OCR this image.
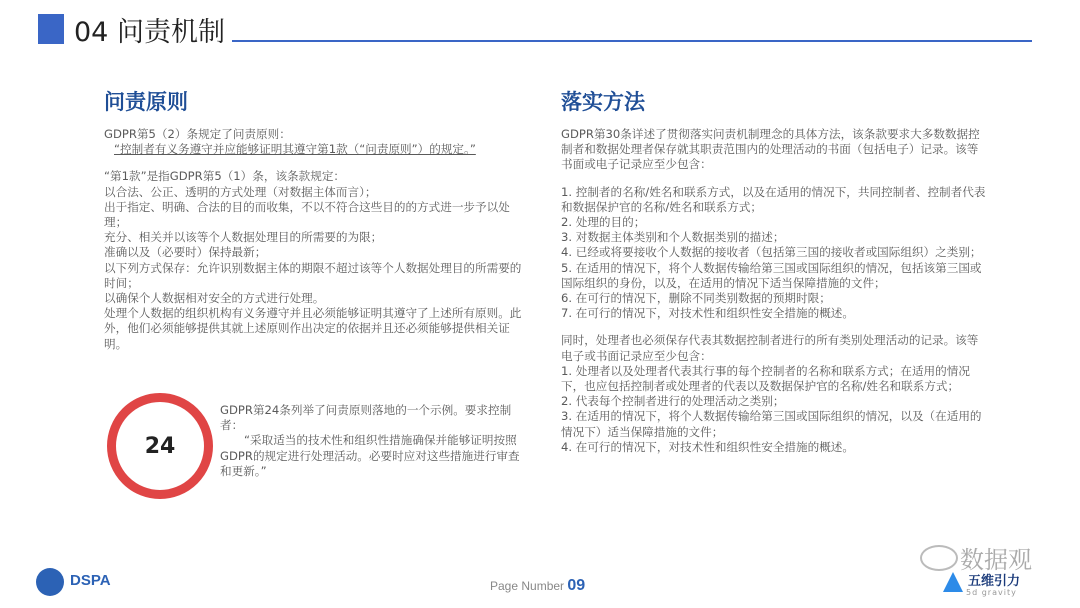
04 问责机制
问责原则

GDPR第5（2）条规定了问责原则：

“控制者有义务遵守并应能够证明其遵守第1款（“问责原则”）的规定。”

“第1款”是指GDPR第5（1）条，该条款规定：

以合法、公正、透明的方式处理（对数据主体而言）；

出于指定、明确、合法的目的而收集，不以不符合这些目的的方式进一步予以处理；

充分、相关并以该等个人数据处理目的所需要的为限；

准确以及（必要时）保持最新；

以下列方式保存：允许识别数据主体的期限不超过该等个人数据处理目的所需要的时间；

以确保个人数据相对安全的方式进行处理。

处理个人数据的组织机构有义务遵守并且必须能够证明其遵守了上述所有原则。此外，他们必须能够提供其就上述原则作出决定的依据并且还必须能够提供相关证明。

24

GDPR第24条列举了问责原则落地的一个示例。要求控制者：

“采取适当的技术性和组织性措施确保并能够证明按照GDPR的规定进行处理活动。必要时应对这些措施进行审查和更新。”

落实方法

GDPR第30条详述了贯彻落实问责机制理念的具体方法，该条款要求大多数数据控制者和数据处理者保存就其职责范围内的处理活动的书面（包括电子）记录。该等书面或电子记录应至少包含：

1. 控制者的名称/姓名和联系方式，以及在适用的情况下，共同控制者、控制者代表和数据保护官的名称/姓名和联系方式；

2. 处理的目的；

3. 对数据主体类别和个人数据类别的描述；

4. 已经或将要接收个人数据的接收者（包括第三国的接收者或国际组织）之类别；

5. 在适用的情况下，将个人数据传输给第三国或国际组织的情况，包括该第三国或国际组织的身份，以及，在适用的情况下适当保障措施的文件；

6. 在可行的情况下，删除不同类别数据的预期时限；

7. 在可行的情况下，对技术性和组织性安全措施的概述。

同时，处理者也必须保存代表其数据控制者进行的所有类别处理活动的记录。该等电子或书面记录应至少包含：

1. 处理者以及处理者代表其行事的每个控制者的名称和联系方式；在适用的情况下，也应包括控制者或处理者的代表以及数据保护官的名称/姓名和联系方式；

2. 代表每个控制者进行的处理活动之类别；

3. 在适用的情况下，将个人数据传输给第三国或国际组织的情况，以及（在适用的情况下）适当保障措施的文件；

4. 在可行的情况下，对技术性和组织性安全措施的概述。

DSPA	Page Number 09
数据观
五维引力
5d gravity
